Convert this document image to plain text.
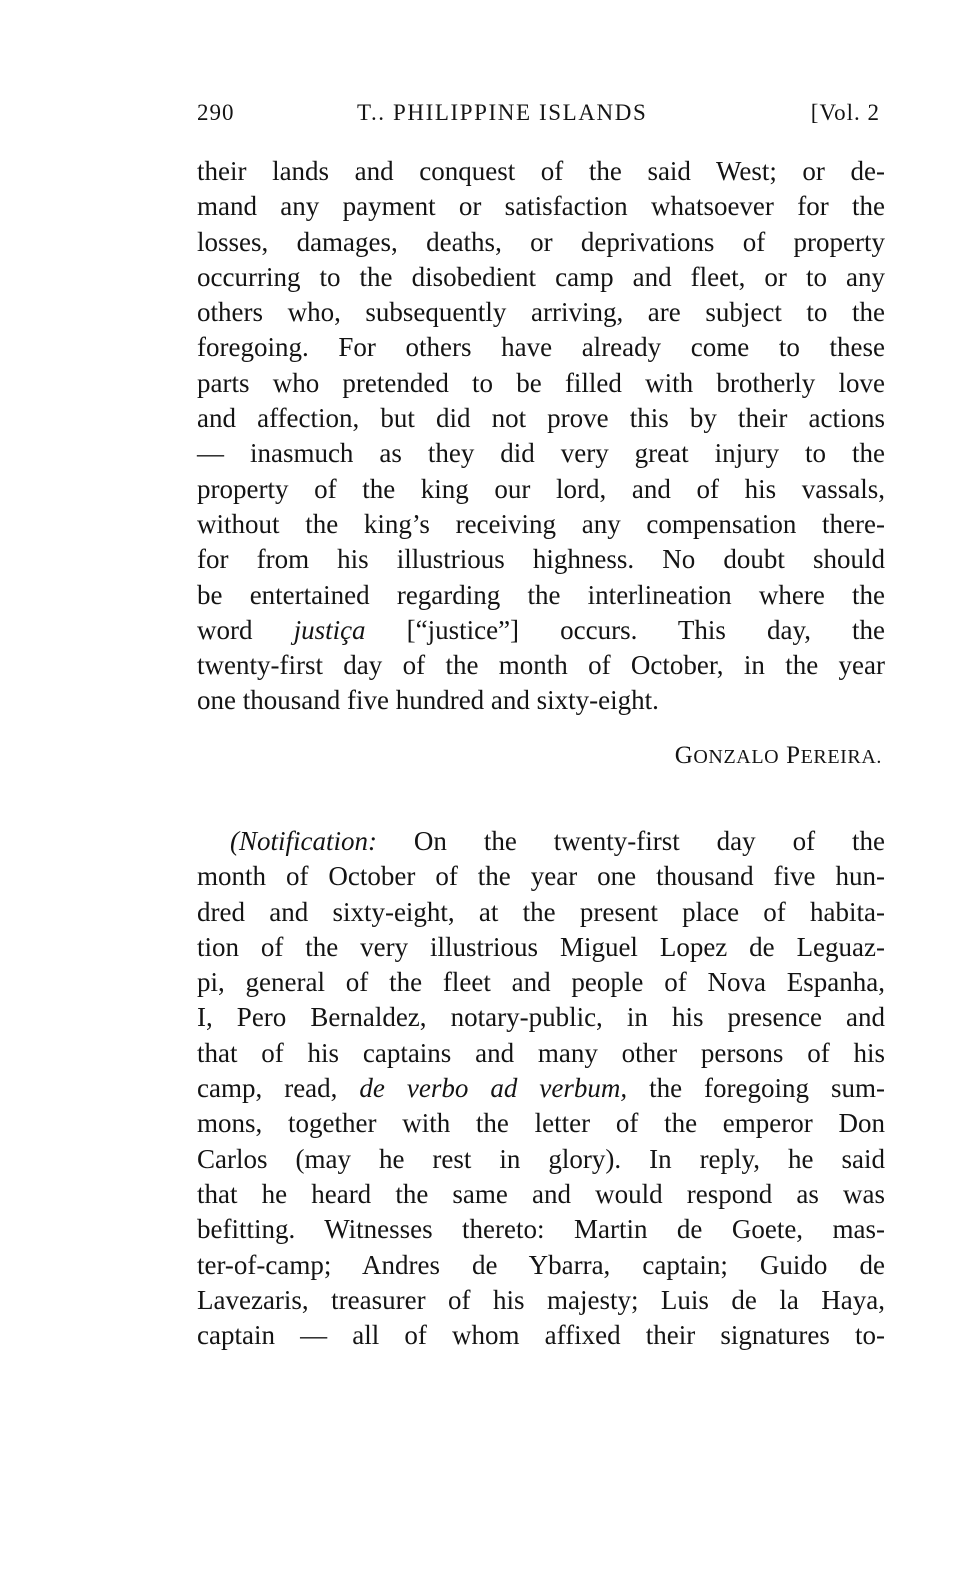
290	T.. PHILIPPINE ISLANDS	[Vol. 2
their lands and conquest of the said West; or de-
mand any payment or satisfaction whatsoever for the
losses, damages, deaths, or deprivations of property
occurring to the disobedient camp and fleet, or to any
others who, subsequently arriving, are subject to the
foregoing. For others have already come to these
parts who pretended to be filled with brotherly love
and affection, but did not prove this by their actions
— inasmuch as they did very great injury to the
property of the king our lord, and of his vassals,
without the king’s receiving any compensation there-
for from his illustrious highness. No doubt should
be entertained regarding the interlineation where the
word justiça [“justice”] occurs. This day, the
twenty-first day of the month of October, in the year
one thousand five hundred and sixty-eight.
GONZALO PEREIRA.
(Notification: On the twenty-first day of the
month of October of the year one thousand five hun-
dred and sixty-eight, at the present place of habita-
tion of the very illustrious Miguel Lopez de Leguaz-
pi, general of the fleet and people of Nova Espanha,
I, Pero Bernaldez, notary-public, in his presence and
that of his captains and many other persons of his
camp, read, de verbo ad verbum, the foregoing sum-
mons, together with the letter of the emperor Don
Carlos (may he rest in glory). In reply, he said
that he heard the same and would respond as was
befitting. Witnesses thereto: Martin de Goete, mas-
ter-of-camp; Andres de Ybarra, captain; Guido de
Lavezaris, treasurer of his majesty; Luis de la Haya,
captain — all of whom affixed their signatures to-
